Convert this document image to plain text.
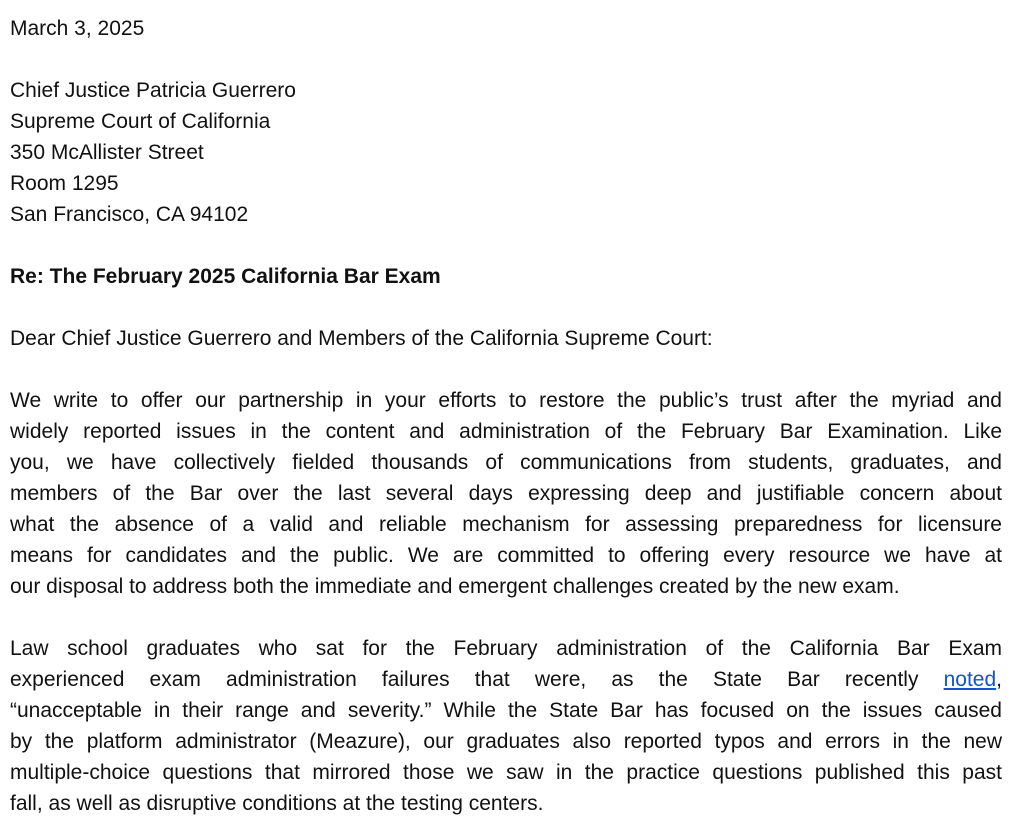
March 3, 2025
Chief Justice Patricia Guerrero
Supreme Court of California
350 McAllister Street
Room 1295
San Francisco, CA 94102
Re: The February 2025 California Bar Exam
Dear Chief Justice Guerrero and Members of the California Supreme Court:
We write to offer our partnership in your efforts to restore the public’s trust after the myriad and
widely reported issues in the content and administration of the February Bar Examination. Like
you, we have collectively fielded thousands of communications from students, graduates, and
members of the Bar over the last several days expressing deep and justifiable concern about
what the absence of a valid and reliable mechanism for assessing preparedness for licensure
means for candidates and the public. We are committed to offering every resource we have at
our disposal to address both the immediate and emergent challenges created by the new exam.
Law school graduates who sat for the February administration of the California Bar Exam
experienced exam administration failures that were, as the State Bar recently noted,
“unacceptable in their range and severity.” While the State Bar has focused on the issues caused
by the platform administrator (Meazure), our graduates also reported typos and errors in the new
multiple-choice questions that mirrored those we saw in the practice questions published this past
fall, as well as disruptive conditions at the testing centers.
